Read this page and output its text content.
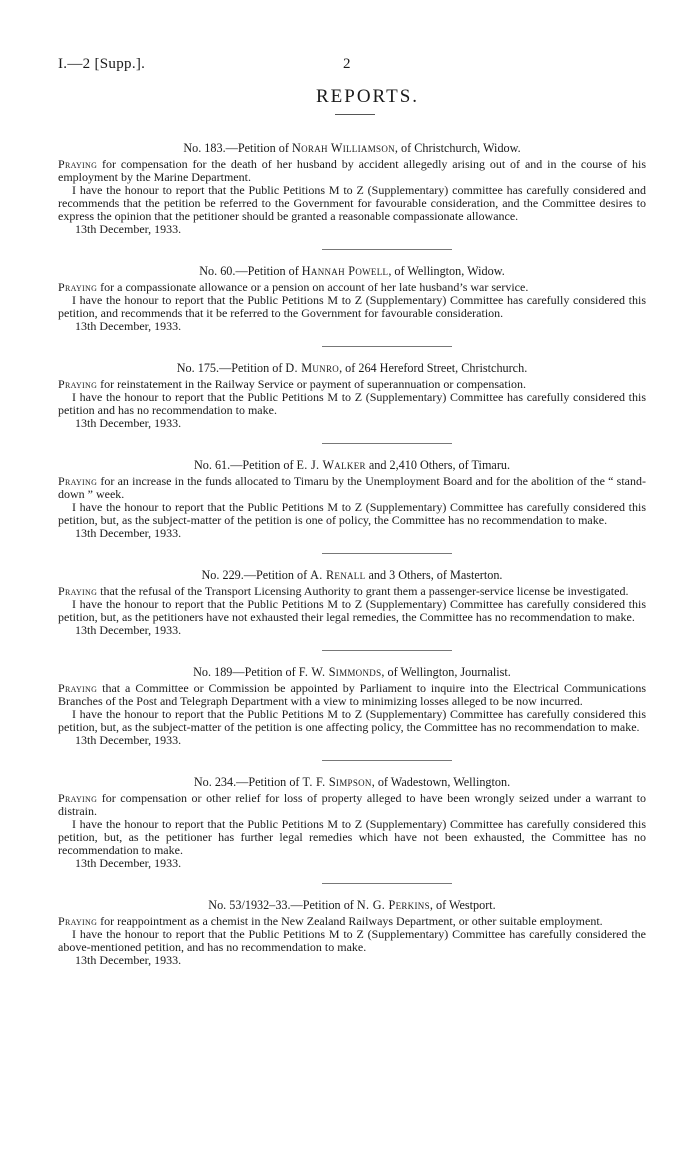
I.—2 [Supp.].	2
REPORTS.

No. 183.—Petition of Norah Williamson, of Christchurch, Widow.

Praying for compensation for the death of her husband by accident allegedly arising out of and in the course of his employment by the Marine Department.

I have the honour to report that the Public Petitions M to Z (Supplementary) committee has carefully considered and recommends that the petition be referred to the Government for favourable consideration, and the Committee desires to express the opinion that the petitioner should be granted a reasonable compassionate allowance.

13th December, 1933.

No. 60.—Petition of Hannah Powell, of Wellington, Widow.

Praying for a compassionate allowance or a pension on account of her late husband’s war service.

I have the honour to report that the Public Petitions M to Z (Supplementary) Committee has carefully considered this petition, and recommends that it be referred to the Government for favourable consideration.

13th December, 1933.

No. 175.—Petition of D. Munro, of 264 Hereford Street, Christchurch.

Praying for reinstatement in the Railway Service or payment of superannuation or compensation.

I have the honour to report that the Public Petitions M to Z (Supplementary) Committee has carefully considered this petition and has no recommendation to make.

13th December, 1933.

No. 61.—Petition of E. J. Walker and 2,410 Others, of Timaru.

Praying for an increase in the funds allocated to Timaru by the Unemployment Board and for the abolition of the “ stand-down ” week.

I have the honour to report that the Public Petitions M to Z (Supplementary) Committee has carefully considered this petition, but, as the subject-matter of the petition is one of policy, the Committee has no recommendation to make.

13th December, 1933.

No. 229.—Petition of A. Renall and 3 Others, of Masterton.

Praying that the refusal of the Transport Licensing Authority to grant them a passenger-service license be investigated.

I have the honour to report that the Public Petitions M to Z (Supplementary) Committee has carefully considered this petition, but, as the petitioners have not exhausted their legal remedies, the Committee has no recommendation to make.

13th December, 1933.

No. 189—Petition of F. W. Simmonds, of Wellington, Journalist.

Praying that a Committee or Commission be appointed by Parliament to inquire into the Electrical Communications Branches of the Post and Telegraph Department with a view to minimizing losses alleged to be now incurred.

I have the honour to report that the Public Petitions M to Z (Supplementary) Committee has carefully considered this petition, but, as the subject-matter of the petition is one affecting policy, the Committee has no recommendation to make.

13th December, 1933.

No. 234.—Petition of T. F. Simpson, of Wadestown, Wellington.

Praying for compensation or other relief for loss of property alleged to have been wrongly seized under a warrant to distrain.

I have the honour to report that the Public Petitions M to Z (Supplementary) Committee has carefully considered this petition, but, as the petitioner has further legal remedies which have not been exhausted, the Committee has no recommendation to make.

13th December, 1933.

No. 53/1932–33.—Petition of N. G. Perkins, of Westport.

Praying for reappointment as a chemist in the New Zealand Railways Department, or other suitable employment.

I have the honour to report that the Public Petitions M to Z (Supplementary) Committee has carefully considered the above-mentioned petition, and has no recommendation to make.

13th December, 1933.
